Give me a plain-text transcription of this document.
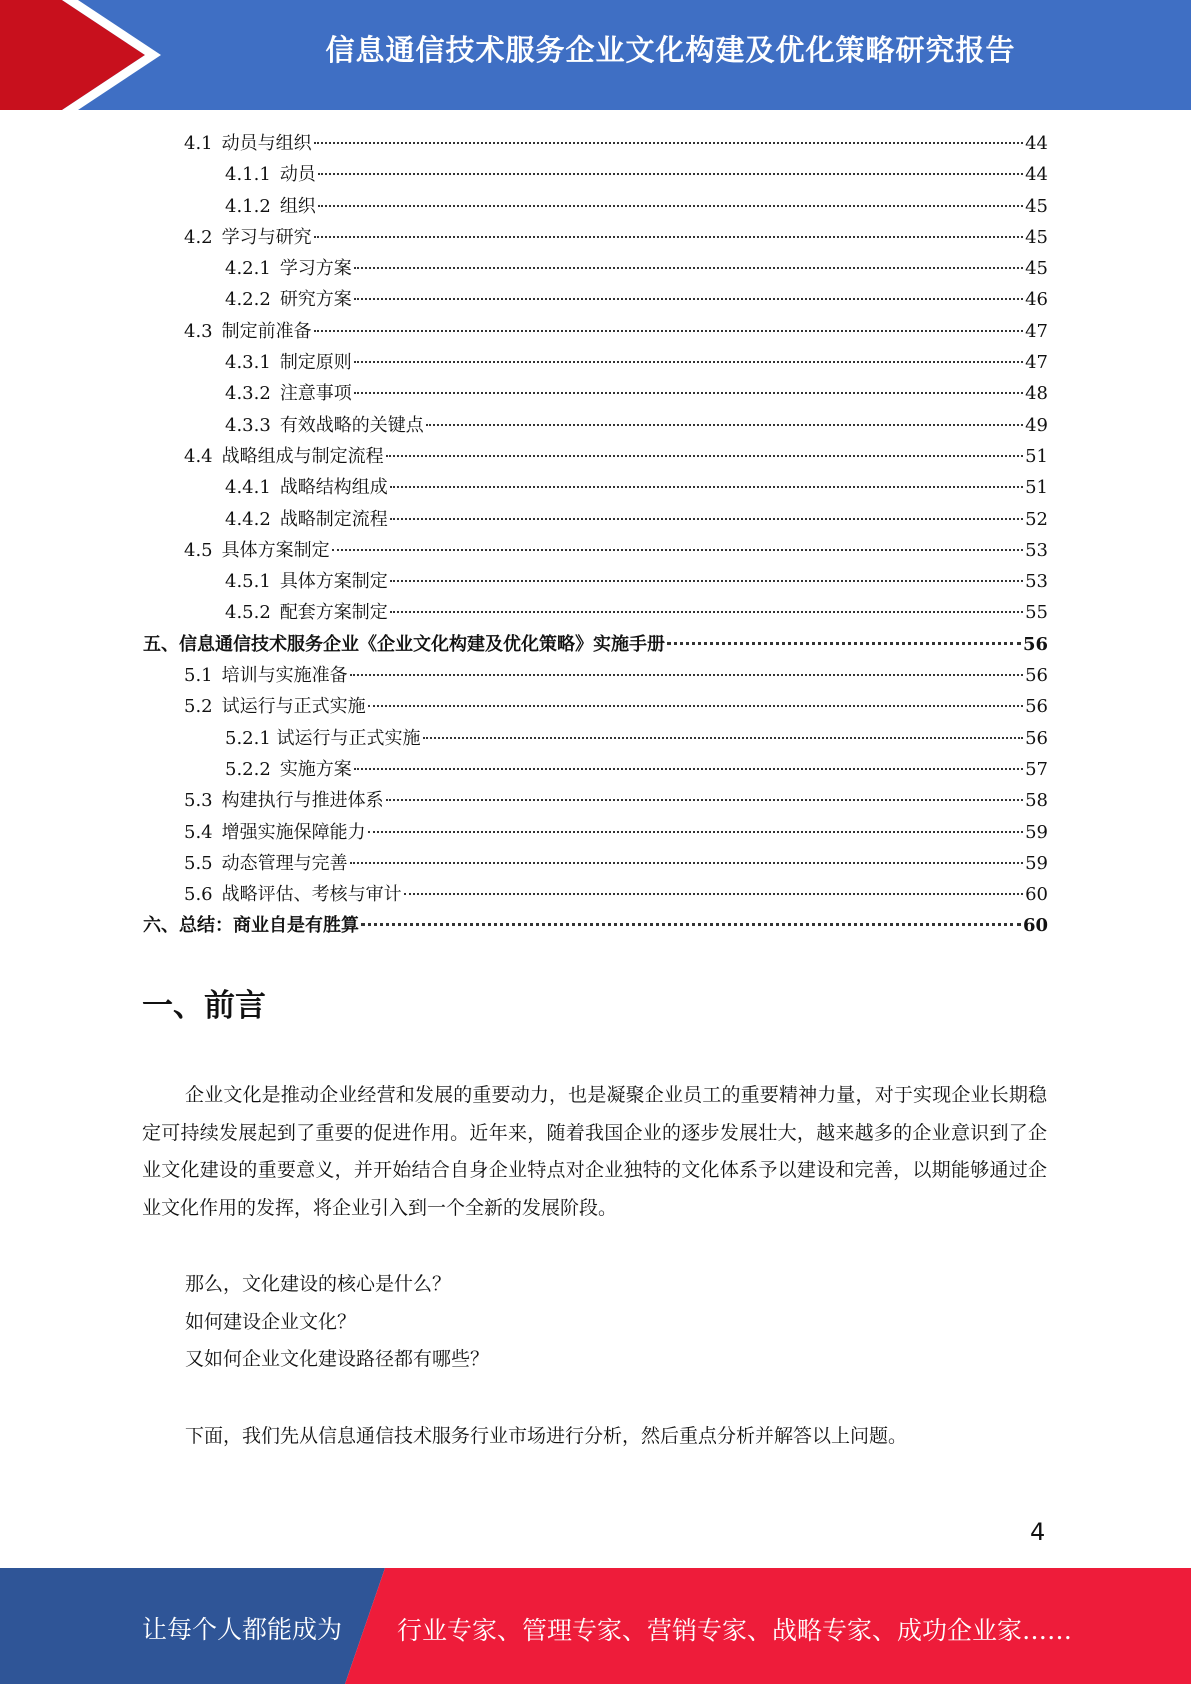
信息通信技术服务企业文化构建及优化策略研究报告
4.1 动员与组织	44
4.1.1 动员	44
4.1.2 组织	45
4.2 学习与研究	45
4.2.1 学习方案	45
4.2.2 研究方案	46
4.3 制定前准备	47
4.3.1 制定原则	47
4.3.2 注意事项	48
4.3.3 有效战略的关键点	49
4.4 战略组成与制定流程	51
4.4.1 战略结构组成	51
4.4.2 战略制定流程	52
4.5 具体方案制定	53
4.5.1 具体方案制定	53
4.5.2 配套方案制定	55
五、信息通信技术服务企业《企业文化构建及优化策略》实施手册	56
5.1 培训与实施准备	56
5.2 试运行与正式实施	56
5.2.1 试运行与正式实施	56
5.2.2 实施方案	57
5.3 构建执行与推进体系	58
5.4 增强实施保障能力	59
5.5 动态管理与完善	59
5.6 战略评估、考核与审计	60
六、总结：商业自是有胜算	60
一、前言

企业文化是推动企业经营和发展的重要动力，也是凝聚企业员工的重要精神力量，对于实现企业长期稳定可持续发展起到了重要的促进作用。近年来，随着我国企业的逐步发展壮大，越来越多的企业意识到了企业文化建设的重要意义，并开始结合自身企业特点对企业独特的文化体系予以建设和完善，以期能够通过企业文化作用的发挥，将企业引入到一个全新的发展阶段。

那么，文化建设的核心是什么？
如何建设企业文化？
又如何企业文化建设路径都有哪些？

下面，我们先从信息通信技术服务行业市场进行分析，然后重点分析并解答以上问题。

4
让每个人都能成为 行业专家、管理专家、营销专家、战略专家、成功企业家……
